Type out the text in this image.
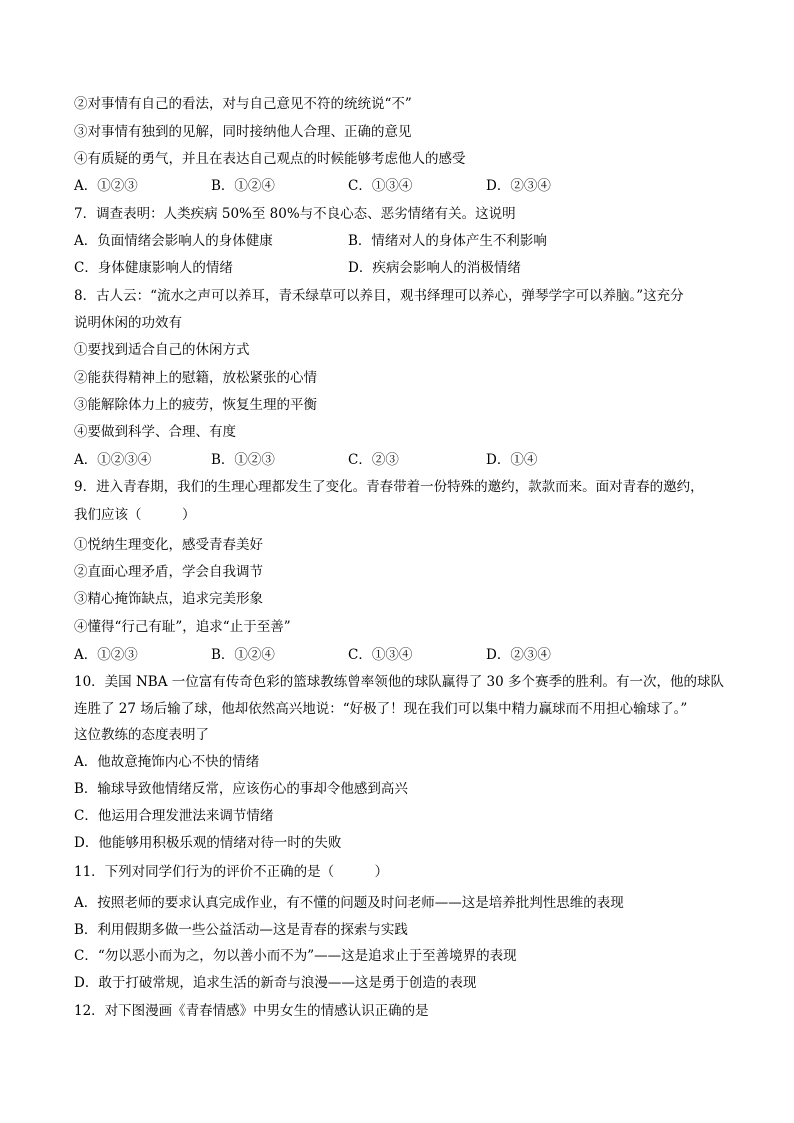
②对事情有自己的看法，对与自己意见不符的统统说“不”
③对事情有独到的见解，同时接纳他人合理、正确的意见
④有质疑的勇气，并且在表达自己观点的时候能够考虑他人的感受
A．①②③	B．①②④	C．①③④	D．②③④
7．调查表明：人类疾病 50%至 80%与不良心态、恶劣情绪有关。这说明
A．负面情绪会影响人的身体健康	B．情绪对人的身体产生不利影响
C．身体健康影响人的情绪	D．疾病会影响人的消极情绪
8．古人云：“流水之声可以养耳，青禾绿草可以养目，观书绎理可以养心，弹琴学字可以养脑。”这充分
说明休闲的功效有
①要找到适合自己的休闲方式
②能获得精神上的慰籍，放松紧张的心情
③能解除体力上的疲劳，恢复生理的平衡
④要做到科学、合理、有度
A．①②③④	B．①②③	C．②③	D．①④
9．进入青春期，我们的生理心理都发生了变化。青春带着一份特殊的邀约，款款而来。面对青春的邀约，
我们应该（　　　）
①悦纳生理变化，感受青春美好
②直面心理矛盾，学会自我调节
③精心掩饰缺点，追求完美形象
④懂得“行己有耻”，追求“止于至善”
A．①②③	B．①②④	C．①③④	D．②③④
10．美国 NBA 一位富有传奇色彩的篮球教练曾率领他的球队赢得了 30 多个赛季的胜利。有一次，他的球队
连胜了 27 场后输了球，他却依然高兴地说：“好极了！现在我们可以集中精力赢球而不用担心输球了。”
这位教练的态度表明了
A．他故意掩饰内心不快的情绪
B．输球导致他情绪反常，应该伤心的事却令他感到高兴
C．他运用合理发泄法来调节情绪
D．他能够用积极乐观的情绪对待一时的失败
11．下列对同学们行为的评价不正确的是（　　　）
A．按照老师的要求认真完成作业，有不懂的问题及时问老师——这是培养批判性思维的表现
B．利用假期多做一些公益活动—这是青春的探索与实践
C．“勿以恶小而为之，勿以善小而不为”——这是追求止于至善境界的表现
D．敢于打破常规，追求生活的新奇与浪漫——这是勇于创造的表现
12．对下图漫画《青春情感》中男女生的情感认识正确的是
